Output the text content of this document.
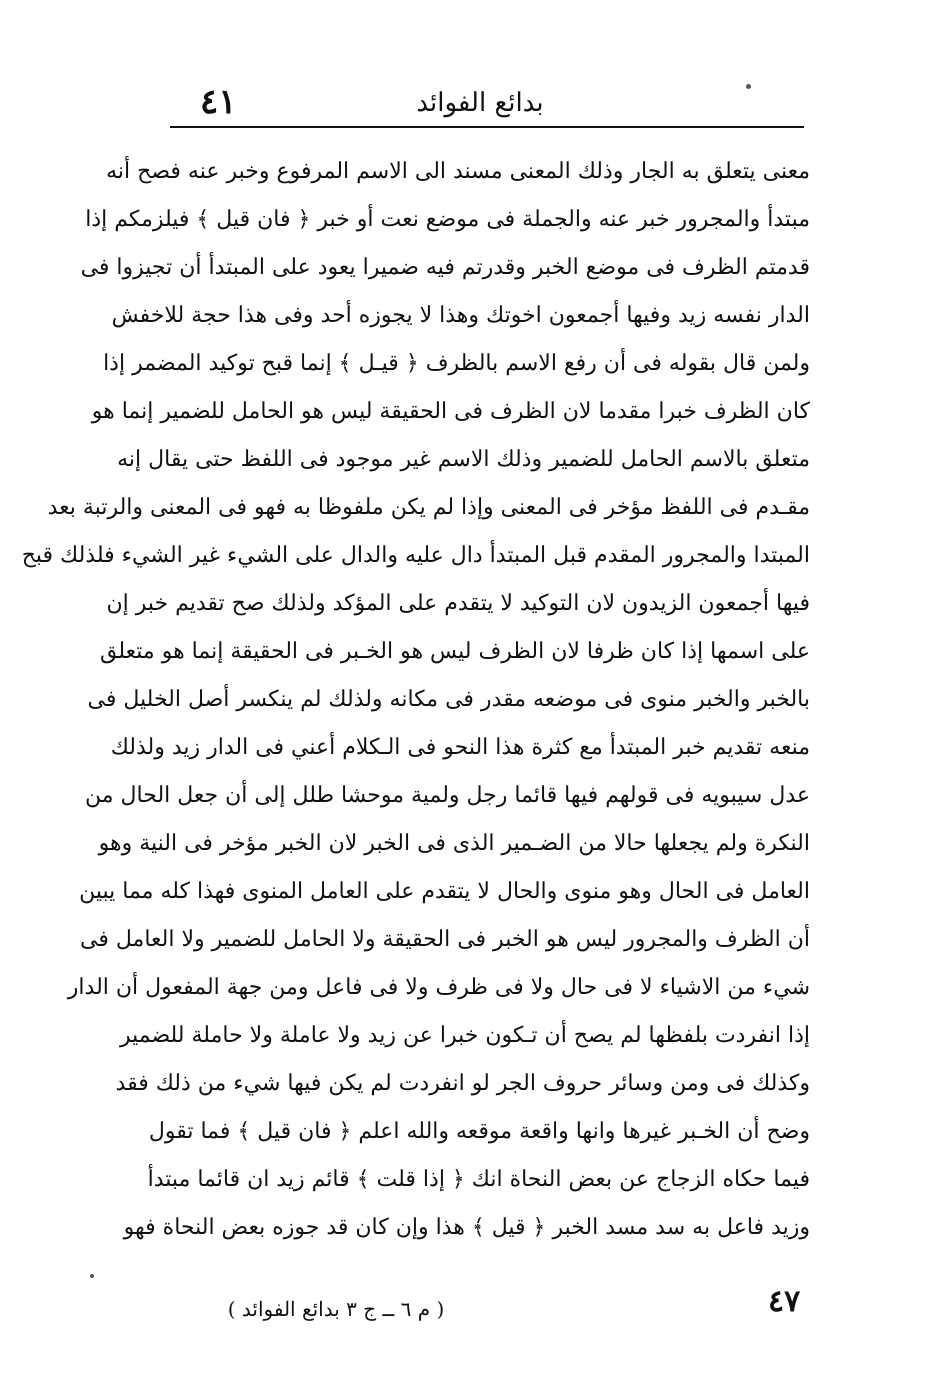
٤١	بدائع الفوائد
معنى يتعلق به الجار وذلك المعنى مسند الى الاسم المرفوع وخبر عنه فصح أنه
مبتدأ والمجرور خبر عنه والجملة فى موضع نعت أو خبر ﴿ فان قيل ﴾ فيلزمكم إذا
قدمتم الظرف فى موضع الخبر وقدرتم فيه ضميرا يعود على المبتدأ أن تجيزوا فى
الدار نفسه زيد وفيها أجمعون اخوتك وهذا لا يجوزه أحد وفى هذا حجة للاخفش
ولمن قال بقوله فى أن رفع الاسم بالظرف ﴿ قيـل ﴾ إنما قبح توكيد المضمر إذا
كان الظرف خبرا مقدما لان الظرف فى الحقيقة ليس هو الحامل للضمير إنما هو
متعلق بالاسم الحامل للضمير وذلك الاسم غير موجود فى اللفظ حتى يقال إنه
مقـدم فى اللفظ مؤخر فى المعنى وإذا لم يكن ملفوظا به فهو فى المعنى والرتبة بعد
المبتدا والمجرور المقدم قبل المبتدأ دال عليه والدال على الشيء غير الشيء فلذلك قبح
فيها أجمعون الزيدون لان التوكيد لا يتقدم على المؤكد ولذلك صح تقديم خبر إن
على اسمها إذا كان ظرفا لان الظرف ليس هو الخـبر فى الحقيقة إنما هو متعلق
بالخبر والخبر منوى فى موضعه مقدر فى مكانه ولذلك لم ينكسر أصل الخليل فى
منعه تقديم خبر المبتدأ مع كثرة هذا النحو فى الـكلام أعني فى الدار زيد ولذلك
عدل سيبويه فى قولهم فيها قائما رجل ولمية موحشا طلل إلى أن جعل الحال من
النكرة ولم يجعلها حالا من الضـمير الذى فى الخبر لان الخبر مؤخر فى النية وهو
العامل فى الحال وهو منوى والحال لا يتقدم على العامل المنوى فهذا كله مما يبين
أن الظرف والمجرور ليس هو الخبر فى الحقيقة ولا الحامل للضمير ولا العامل فى
شيء من الاشياء لا فى حال ولا فى ظرف ولا فى فاعل ومن جهة المفعول أن الدار
إذا انفردت بلفظها لم يصح أن تـكون خبرا عن زيد ولا عاملة ولا حاملة للضمير
وكذلك فى ومن وسائر حروف الجر لو انفردت لم يكن فيها شيء من ذلك فقد
وضح أن الخـبر غيرها وانها واقعة موقعه والله اعلم ﴿ فان قيل ﴾ فما تقول
فيما حكاه الزجاج عن بعض النحاة انك ﴿ إذا قلت ﴾ قائم زيد ان قائما مبتدأ
وزيد فاعل به سد مسد الخبر ﴿ قيل ﴾ هذا وإن كان قد جوزه بعض النحاة فهو
٤٧
( م ٦ ــ ج ٣ بدائع الفوائد )
